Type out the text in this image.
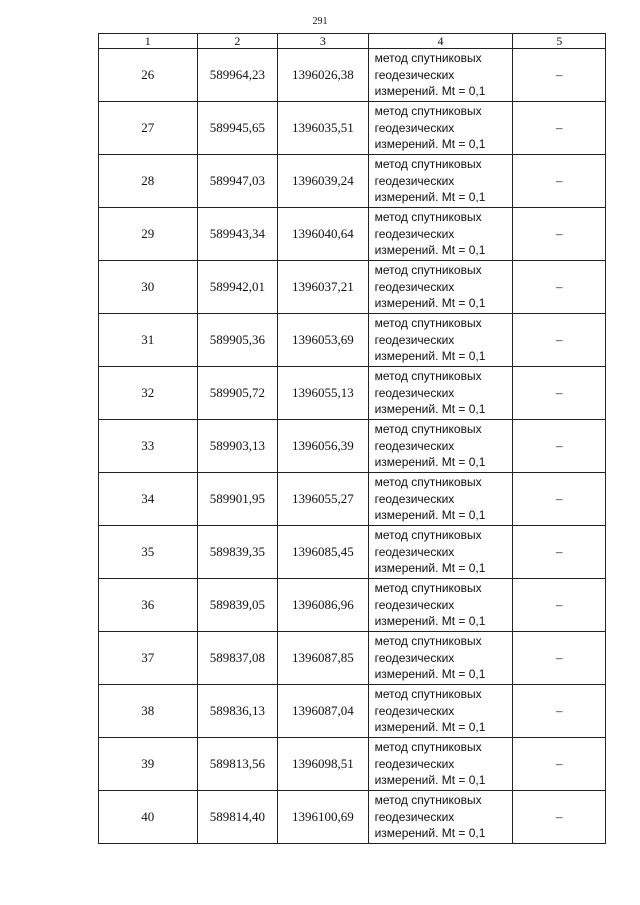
291
1	2	3	4	5
26	589964,23	1396026,38	метод спутниковых
геодезических
измерений. Mt = 0,1	–
27	589945,65	1396035,51	метод спутниковых
геодезических
измерений. Mt = 0,1	–
28	589947,03	1396039,24	метод спутниковых
геодезических
измерений. Mt = 0,1	–
29	589943,34	1396040,64	метод спутниковых
геодезических
измерений. Mt = 0,1	–
30	589942,01	1396037,21	метод спутниковых
геодезических
измерений. Mt = 0,1	–
31	589905,36	1396053,69	метод спутниковых
геодезических
измерений. Mt = 0,1	–
32	589905,72	1396055,13	метод спутниковых
геодезических
измерений. Mt = 0,1	–
33	589903,13	1396056,39	метод спутниковых
геодезических
измерений. Mt = 0,1	–
34	589901,95	1396055,27	метод спутниковых
геодезических
измерений. Mt = 0,1	–
35	589839,35	1396085,45	метод спутниковых
геодезических
измерений. Mt = 0,1	–
36	589839,05	1396086,96	метод спутниковых
геодезических
измерений. Mt = 0,1	–
37	589837,08	1396087,85	метод спутниковых
геодезических
измерений. Mt = 0,1	–
38	589836,13	1396087,04	метод спутниковых
геодезических
измерений. Mt = 0,1	–
39	589813,56	1396098,51	метод спутниковых
геодезических
измерений. Mt = 0,1	–
40	589814,40	1396100,69	метод спутниковых
геодезических
измерений. Mt = 0,1	–
